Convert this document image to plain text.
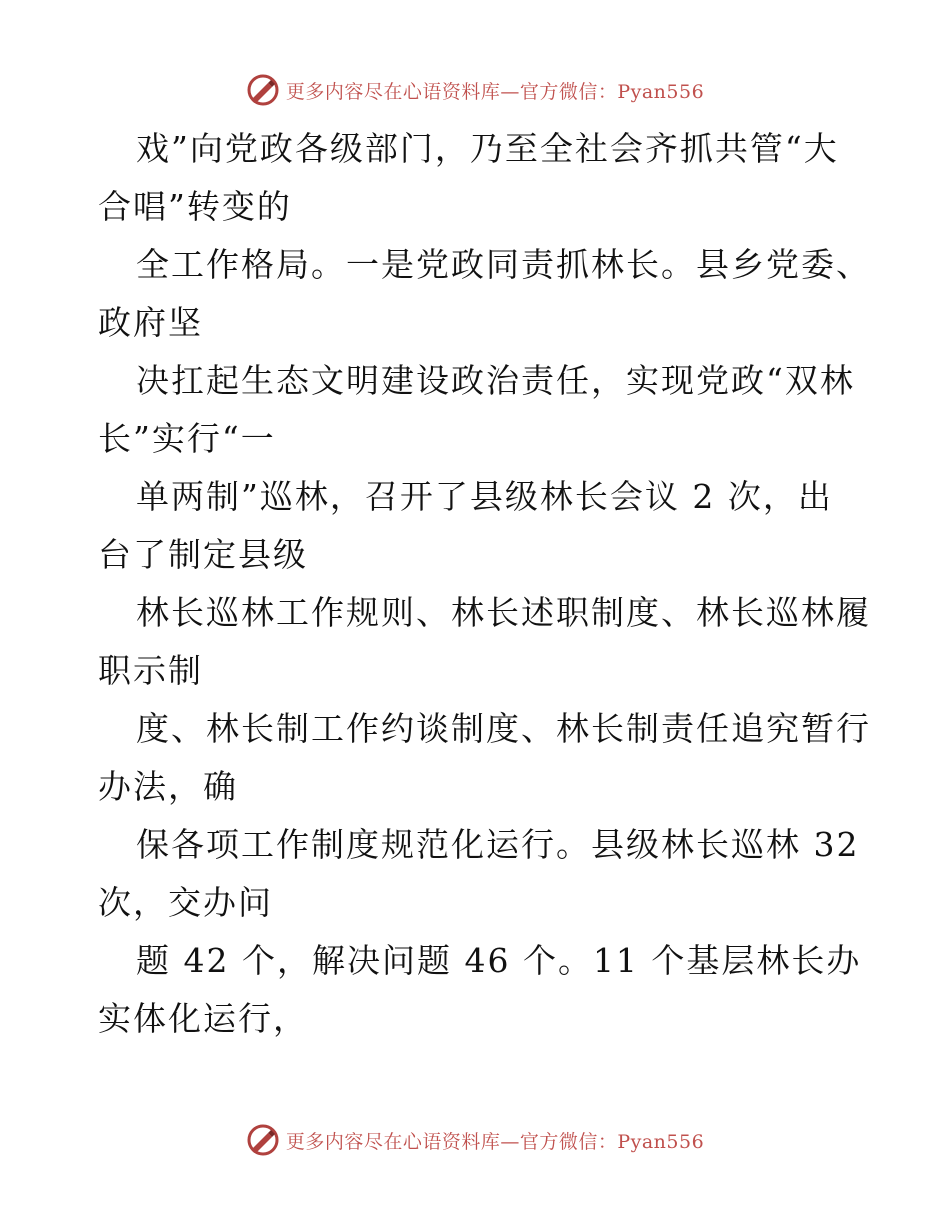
更多内容尽在心语资料库—官方微信：Pyan556

戏”向党政各级部门，乃至全社会齐抓共管“大

合唱”转变的

全工作格局。一是党政同责抓林长。县乡党委、

政府坚

决扛起生态文明建设政治责任，实现党政“双林

长”实行“一

单两制”巡林，召开了县级林长会议 2 次，出

台了制定县级

林长巡林工作规则、林长述职制度、林长巡林履

职示制

度、林长制工作约谈制度、林长制责任追究暂行

办法，确

保各项工作制度规范化运行。县级林长巡林 32

次，交办问

题 42 个，解决问题 46 个。11 个基层林长办

实体化运行，

更多内容尽在心语资料库—官方微信：Pyan556
